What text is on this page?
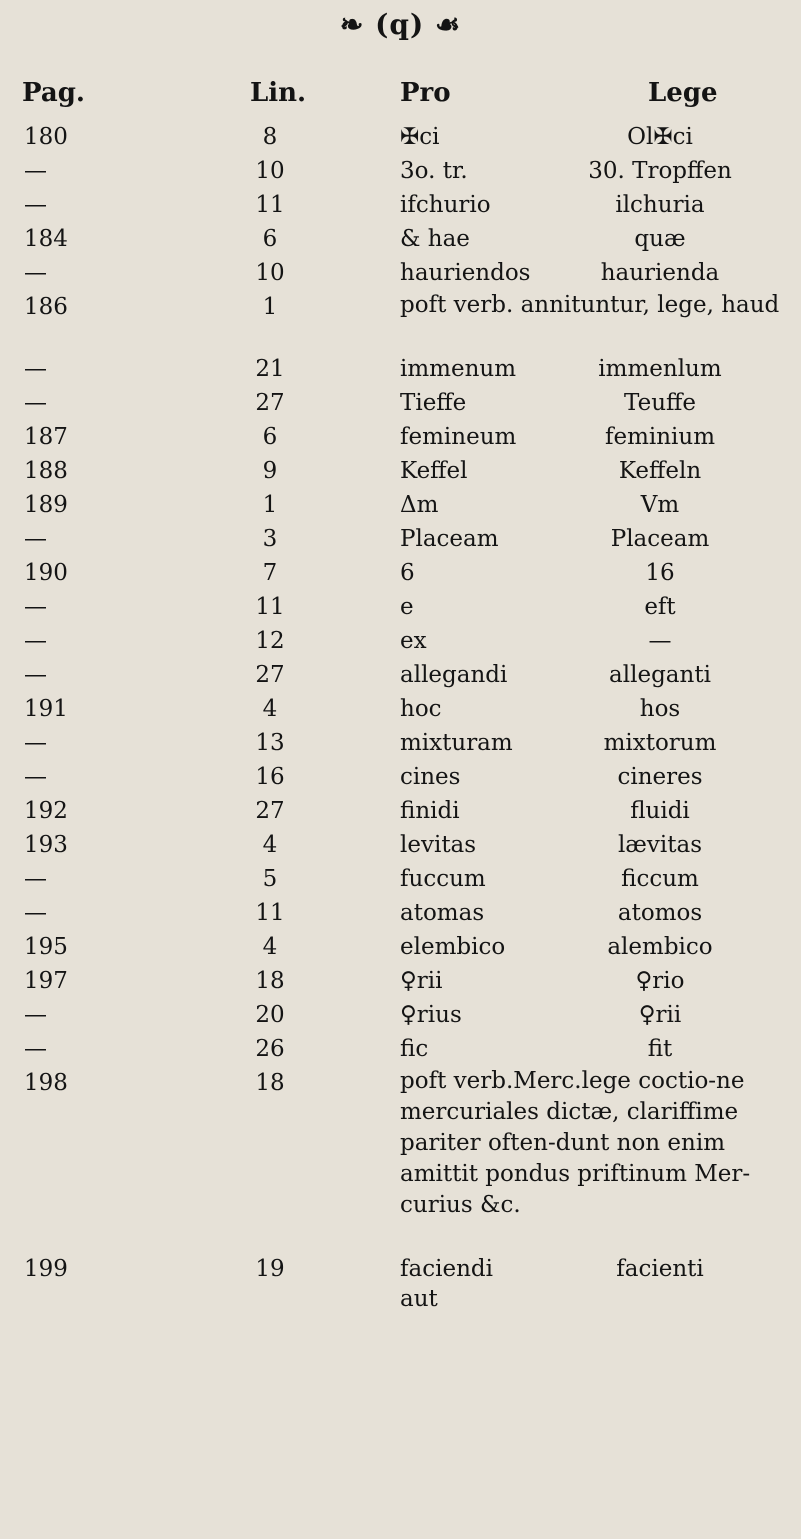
❧ (q) ☙
Pag.	Lin.	Pro	Lege
180	8	✠ci	Ol✠ci
—	10	3o. tr.	30. Tropffen
—	11	ifchurio	ilchuria
184	6	& hae	quæ
—	10	hauriendos	haurienda
186	1	poft verb. annituntur, lege, haud
—	21	immenum	immenlum
—	27	Tieffe	Teuffe
187	6	femineum	feminium
188	9	Keffel	Keffeln
189	1	Δm	Vm
—	3	Placeam	Placeam
190	7	6	16
—	11	e	eft
—	12	ex	—
—	27	allegandi	alleganti
191	4	hoc	hos
—	13	mixturam	mixtorum
—	16	cines	cineres
192	27	finidi	fluidi
193	4	levitas	lævitas
—	5	fuccum	ficcum
—	11	atomas	atomos
195	4	elembico	alembico
197	18	♀rii	♀rio
—	20	♀rius	♀rii
—	26	fic	fit
198	18	poft verb.Merc.lege coctio-ne mercuriales dictæ, clariffime pariter often-dunt non enim amittit pondus priftinum Mer-curius &c.
199	19	faciendi	facienti
aut
